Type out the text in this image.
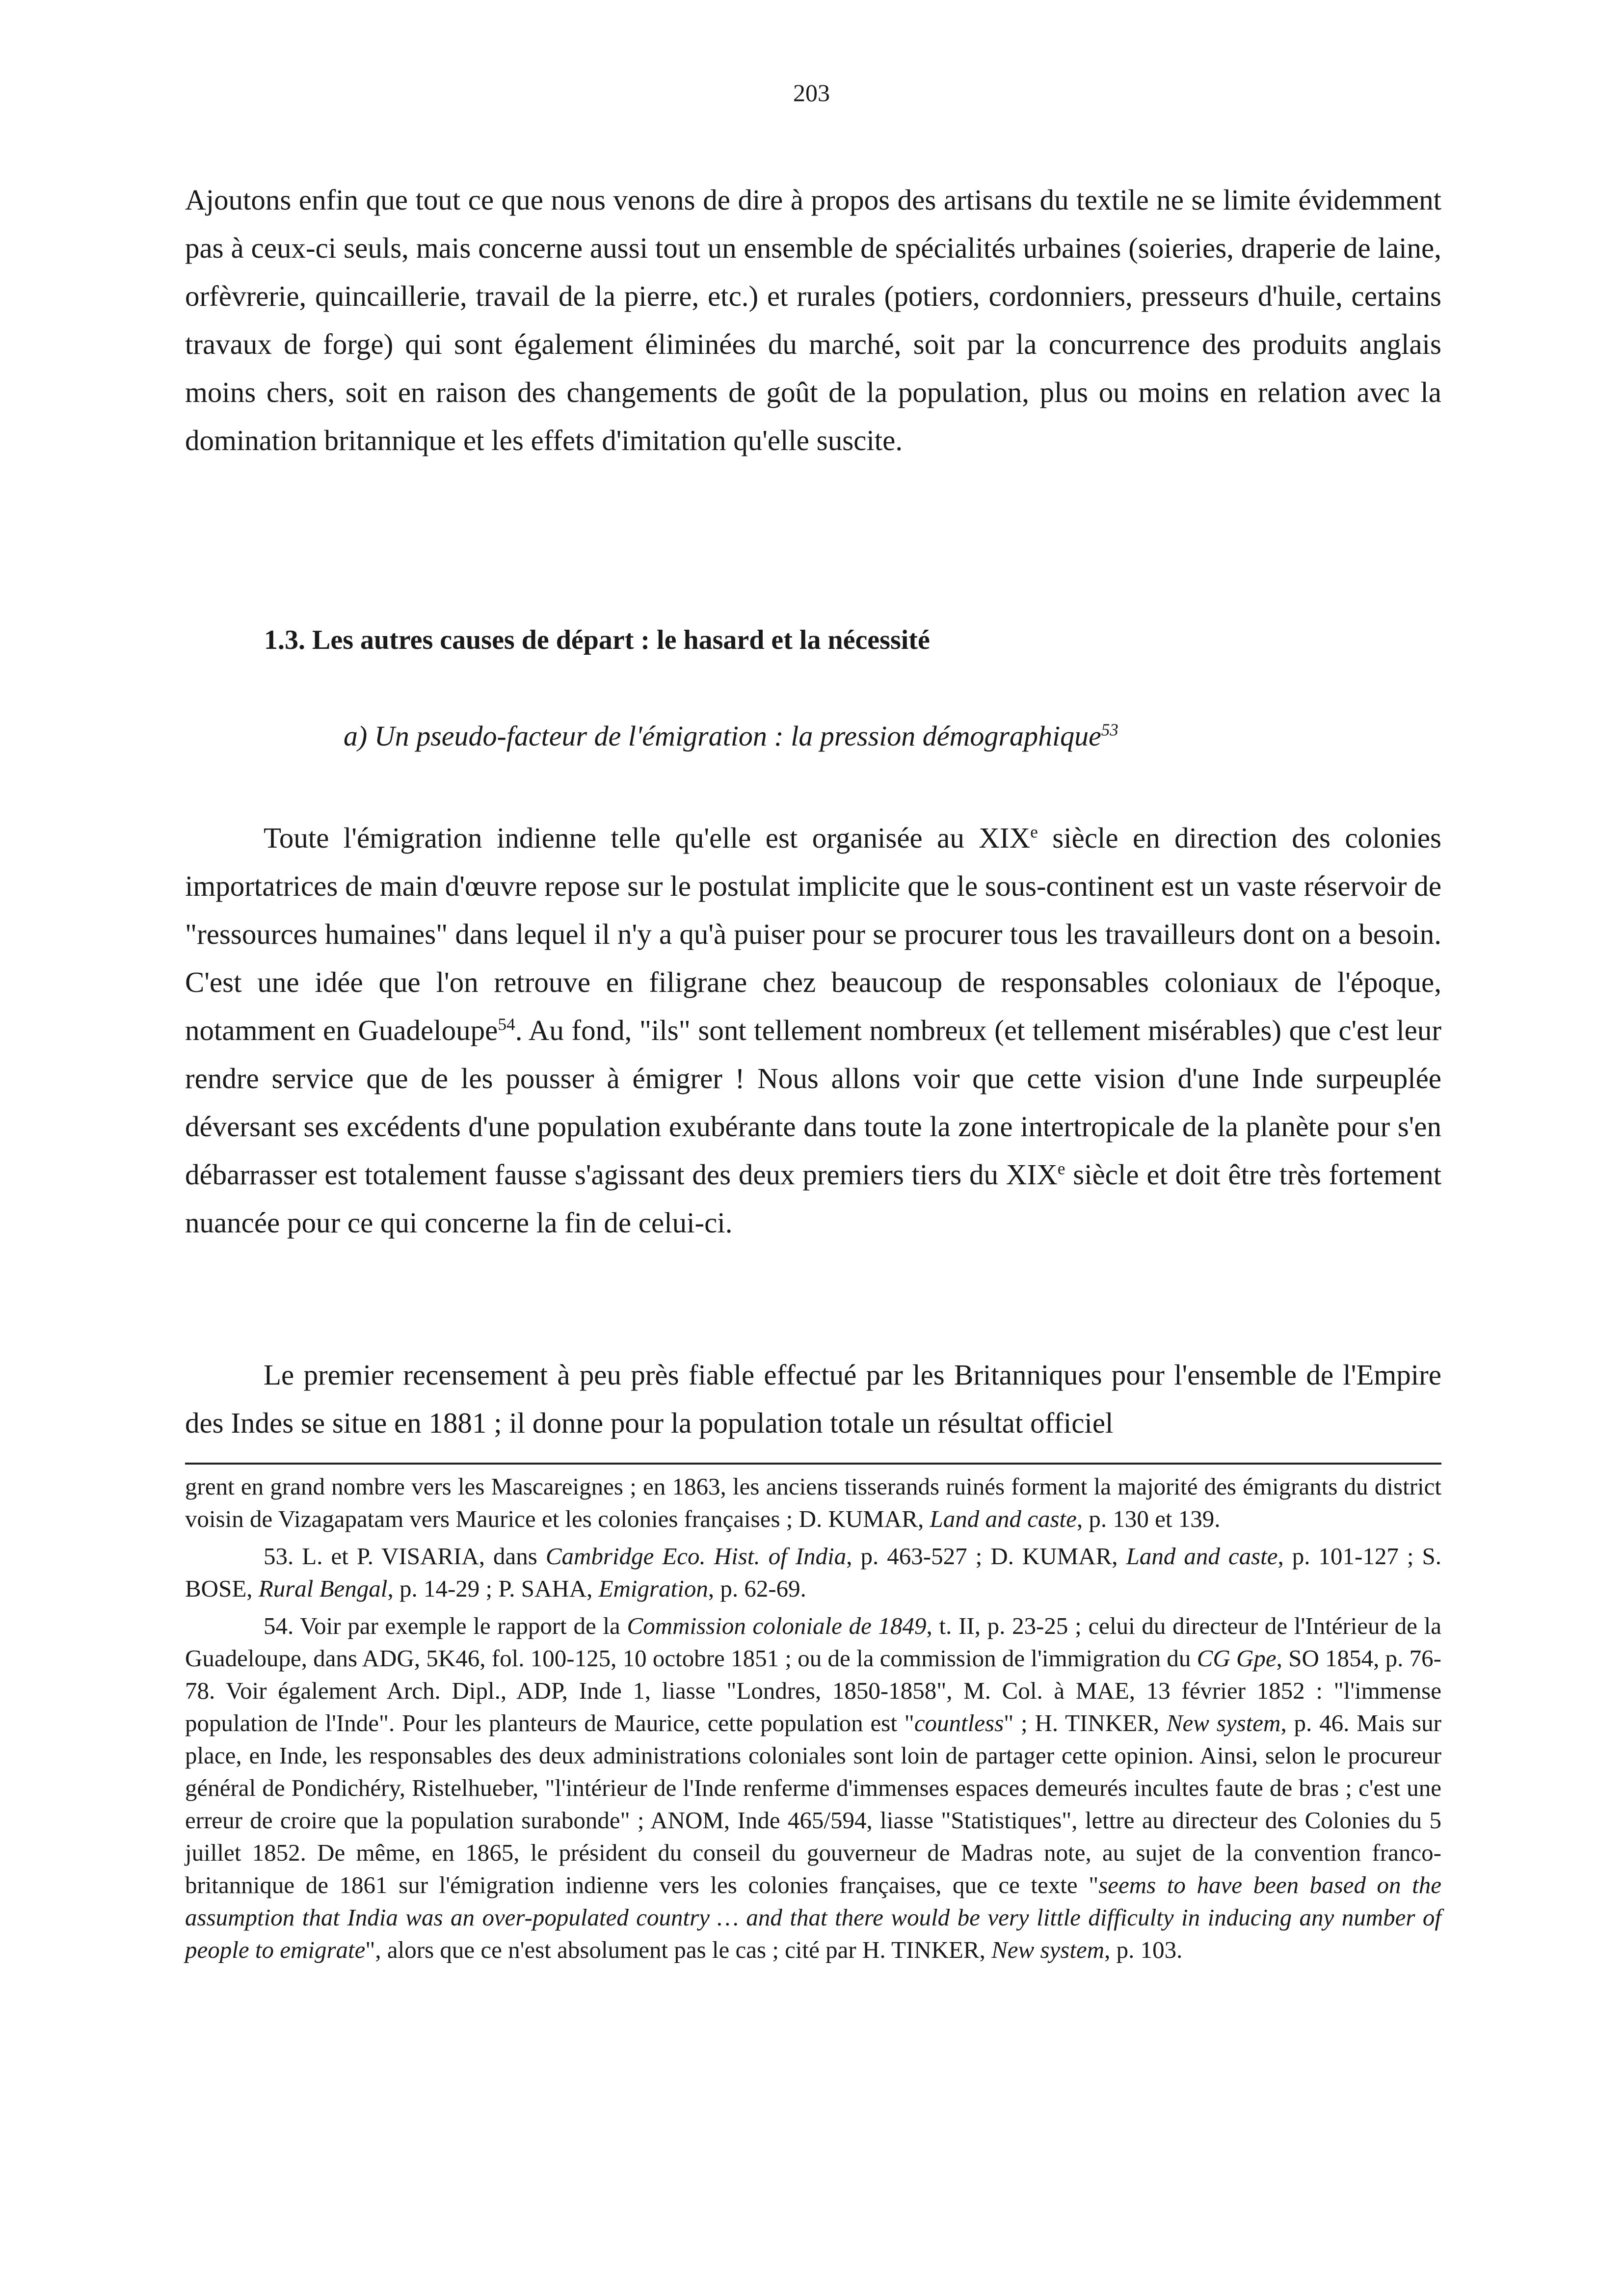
203

Ajoutons enfin que tout ce que nous venons de dire à propos des artisans du textile ne se limite évidemment pas à ceux-ci seuls, mais concerne aussi tout un ensemble de spécialités urbaines (soieries, draperie de laine, orfèvrerie, quincaillerie, travail de la pierre, etc.) et rurales (potiers, cordonniers, presseurs d'huile, certains travaux de forge) qui sont également éliminées du marché, soit par la concurrence des produits anglais moins chers, soit en raison des changements de goût de la population, plus ou moins en relation avec la domination britannique et les effets d'imitation qu'elle suscite.

1.3. Les autres causes de départ : le hasard et la nécessité

a) Un pseudo-facteur de l'émigration : la pression démographique$^{53}$

Toute l'émigration indienne telle qu'elle est organisée au XIXe siècle en direction des colonies importatrices de main d'œuvre repose sur le postulat implicite que le sous-continent est un vaste réservoir de "ressources humaines" dans lequel il n'y a qu'à puiser pour se procurer tous les travailleurs dont on a besoin. C'est une idée que l'on retrouve en filigrane chez beaucoup de responsables coloniaux de l'époque, notamment en Guadeloupe$^{54}$. Au fond, "ils" sont tellement nombreux (et tellement misérables) que c'est leur rendre service que de les pousser à émigrer ! Nous allons voir que cette vision d'une Inde surpeuplée déversant ses excédents d'une population exubérante dans toute la zone intertropicale de la planète pour s'en débarrasser est totalement fausse s'agissant des deux premiers tiers du XIXe siècle et doit être très fortement nuancée pour ce qui concerne la fin de celui-ci.

Le premier recensement à peu près fiable effectué par les Britanniques pour l'ensemble de l'Empire des Indes se situe en 1881 ; il donne pour la population totale un résultat officiel

grent en grand nombre vers les Mascareignes ; en 1863, les anciens tisserands ruinés forment la majorité des émigrants du district voisin de Vizagapatam vers Maurice et les colonies françaises ; D. KUMAR, Land and caste, p. 130 et 139.

53. L. et P. VISARIA, dans Cambridge Eco. Hist. of India, p. 463-527 ; D. KUMAR, Land and caste, p. 101-127 ; S. BOSE, Rural Bengal, p. 14-29 ; P. SAHA, Emigration, p. 62-69.

54. Voir par exemple le rapport de la Commission coloniale de 1849, t. II, p. 23-25 ; celui du directeur de l'Intérieur de la Guadeloupe, dans ADG, 5K46, fol. 100-125, 10 octobre 1851 ; ou de la commission de l'immigration du CG Gpe, SO 1854, p. 76-78. Voir également Arch. Dipl., ADP, Inde 1, liasse "Londres, 1850-1858", M. Col. à MAE, 13 février 1852 : "l'immense population de l'Inde". Pour les planteurs de Maurice, cette population est "countless" ; H. TINKER, New system, p. 46. Mais sur place, en Inde, les responsables des deux administrations coloniales sont loin de partager cette opinion. Ainsi, selon le procureur général de Pondichéry, Ristelhueber, "l'intérieur de l'Inde renferme d'immenses espaces demeurés incultes faute de bras ; c'est une erreur de croire que la population surabonde" ; ANOM, Inde 465/594, liasse "Statistiques", lettre au directeur des Colonies du 5 juillet 1852. De même, en 1865, le président du conseil du gouverneur de Madras note, au sujet de la convention franco-britannique de 1861 sur l'émigration indienne vers les colonies françaises, que ce texte "seems to have been based on the assumption that India was an over-populated country … and that there would be very little difficulty in inducing any number of people to emigrate", alors que ce n'est absolument pas le cas ; cité par H. TINKER, New system, p. 103.
